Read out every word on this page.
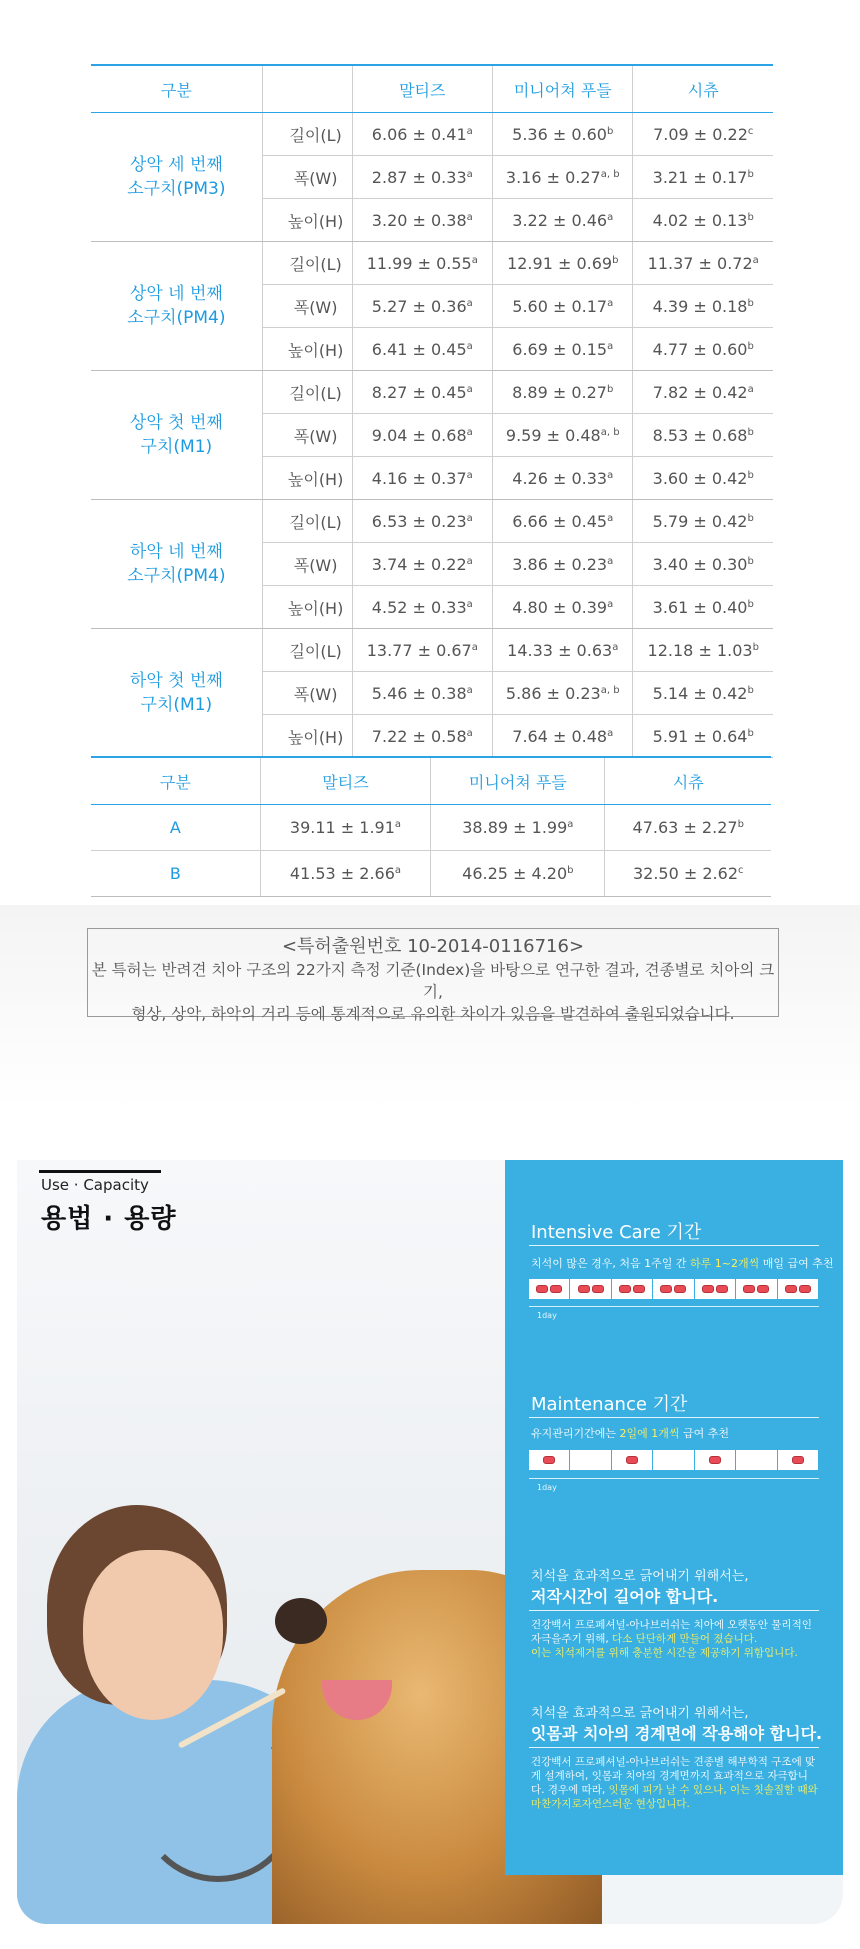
구분		말티즈	미니어쳐 푸들	시츄
상악 세 번째
소구치(PM3)	길이(L)	6.06 ± 0.41$^a$	5.36 ± 0.60$^b$	7.09 ± 0.22$^c$
	폭(W)	2.87 ± 0.33$^a$	$3.16 \pm 0.27^{a, b}$	3.21 ± 0.17$^b$
	높이(H)	3.20 ± 0.38$^a$	3.22 ± 0.46$^a$	4.02 ± 0.13$^b$
상악 네 번째
소구치(PM4)	길이(L)	11.99 ± 0.55$^a$	12.91 ± 0.69$^b$	11.37 ± 0.72$^a$
	폭(W)	5.27 ± 0.36$^a$	5.60 ± 0.17$^a$	4.39 ± 0.18$^b$
	높이(H)	6.41 ± 0.45$^a$	6.69 ± 0.15$^a$	4.77 ± 0.60$^b$
상악 첫 번째
구치(M1)	길이(L)	8.27 ± 0.45$^a$	8.89 ± 0.27$^b$	7.82 ± 0.42$^a$
	폭(W)	9.04 ± 0.68$^a$	$9.59 \pm 0.48^{a, b}$	8.53 ± 0.68$^b$
	높이(H)	4.16 ± 0.37$^a$	4.26 ± 0.33$^a$	3.60 ± 0.42$^b$
하악 네 번째
소구치(PM4)	길이(L)	6.53 ± 0.23$^a$	6.66 ± 0.45$^a$	5.79 ± 0.42$^b$
	폭(W)	3.74 ± 0.22$^a$	3.86 ± 0.23$^a$	3.40 ± 0.30$^b$
	높이(H)	4.52 ± 0.33$^a$	4.80 ± 0.39$^a$	3.61 ± 0.40$^b$
하악 첫 번째
구치(M1)	길이(L)	13.77 ± 0.67$^a$	14.33 ± 0.63$^a$	12.18 ± 1.03$^b$
	폭(W)	5.46 ± 0.38$^a$	$5.86 \pm 0.23^{a, b}$	5.14 ± 0.42$^b$
	높이(H)	7.22 ± 0.58$^a$	7.64 ± 0.48$^a$	5.91 ± 0.64$^b$
구분	말티즈	미니어쳐 푸들	시츄
A	39.11 ± 1.91$^a$	38.89 ± 1.99$^a$	47.63 ± 2.27$^b$
B	41.53 ± 2.66$^a$	46.25 ± 4.20$^b$	32.50 ± 2.62$^c$
<특허출원번호 10-2014-0116716>
본 특허는 반려견 치아 구조의 22가지 측정 기준(Index)을 바탕으로 연구한 결과, 견종별로 치아의 크기,
형상, 상악, 하악의 거리 등에 통계적으로 유의한 차이가 있음을 발견하여 출원되었습니다.
Use · Capacity
용법 · 용량	Intensive Care 기간
치석이 많은 경우, 처음 1주일 간 하루 1~2개씩 매일 급여 추천
1day
Maintenance 기간
유지관리기간에는 2일에 1개씩 급여 추천
1day
치석을 효과적으로 긁어내기 위해서는,
저작시간이 길어야 합니다.
건강백서 프로페셔널-아나브러쉬는 치아에 오랫동안 물리적인 자극을주기 위해, 다소 단단하게 만들어 졌습니다.
이는 치석제거를 위해 충분한 시간을 제공하기 위함입니다.
치석을 효과적으로 긁어내기 위해서는,
잇몸과 치아의 경계면에 작용해야 합니다.
건강백서 프로페셔널-아나브러쉬는 견종별 해부학적 구조에 맞게 설계하여, 잇몸과 치아의 경계면까지 효과적으로 자극합니다. 경우에 따라, 잇몸에 피가 날 수 있으나, 이는 칫솔질할 때와 마찬가지로자연스러운 현상입니다.
